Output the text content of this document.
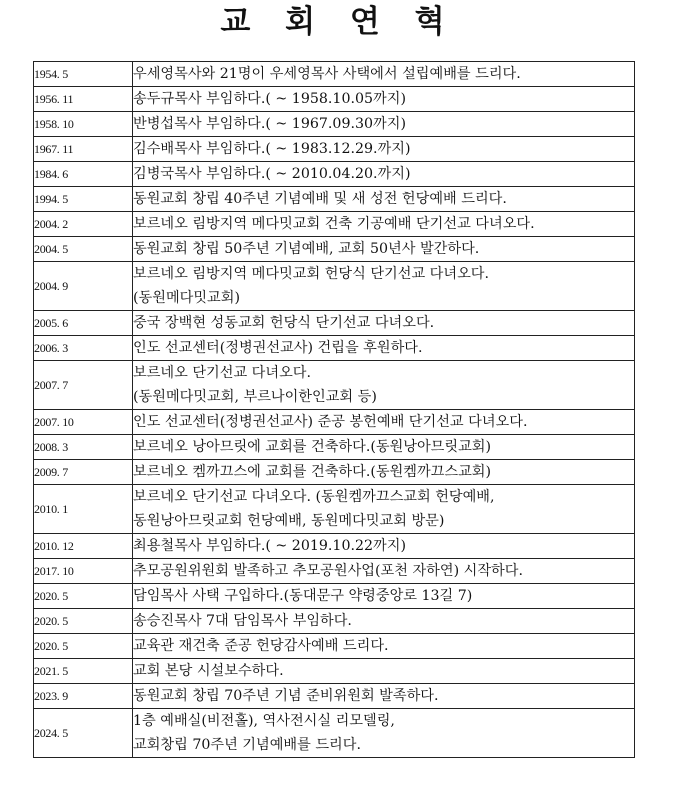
교 회 연 혁
1954. 5	우세영목사와 21명이 우세영목사 사택에서 설립예배를 드리다.

1956. 11	송두규목사 부임하다.( ~ 1958.10.05까지)

1958. 10	반병섭목사 부임하다.( ~ 1967.09.30까지)

1967. 11	김수배목사 부임하다.( ~ 1983.12.29.까지)

1984. 6	김병국목사 부임하다.( ~ 2010.04.20.까지)

1994. 5	동원교회 창립 40주년 기념예배 및 새 성전 헌당예배 드리다.

2004. 2	보르네오 림방지역 메다밋교회 건축 기공예배 단기선교 다녀오다.

2004. 5	동원교회 창립 50주년 기념예배, 교회 50년사 발간하다.

2004. 9	보르네오 림방지역 메다밋교회 헌당식 단기선교 다녀오다.
(동원메다밋교회)

2005. 6	중국 장백현 성동교회 헌당식 단기선교 다녀오다.

2006. 3	인도 선교센터(정병권선교사) 건립을 후원하다.

2007. 7	보르네오 단기선교 다녀오다.
(동원메다밋교회, 부르나이한인교회 등)

2007. 10	인도 선교센터(정병권선교사) 준공 봉헌예배 단기선교 다녀오다.

2008. 3	보르네오 낭아므릿에 교회를 건축하다.(동원낭아므릿교회)

2009. 7	보르네오 켐까끄스에 교회를 건축하다.(동원켐까끄스교회)

2010. 1	보르네오 단기선교 다녀오다. (동원켐까끄스교회 헌당예배,
동원낭아므릿교회 헌당예배, 동원메다밋교회 방문)

2010. 12	최용철목사 부임하다.( ~ 2019.10.22까지)

2017. 10	추모공원위원회 발족하고 추모공원사업(포천 자하연) 시작하다.

2020. 5	담임목사 사택 구입하다.(동대문구 약령중앙로 13길 7)

2020. 5	송승진목사 7대 담임목사 부임하다.

2020. 5	교육관 재건축 준공 헌당감사예배 드리다.

2021. 5	교회 본당 시설보수하다.

2023. 9	동원교회 창립 70주년 기념 준비위원회 발족하다.

2024. 5	1층 예배실(비전홀), 역사전시실 리모델링,
교회창립 70주년 기념예배를 드리다.
